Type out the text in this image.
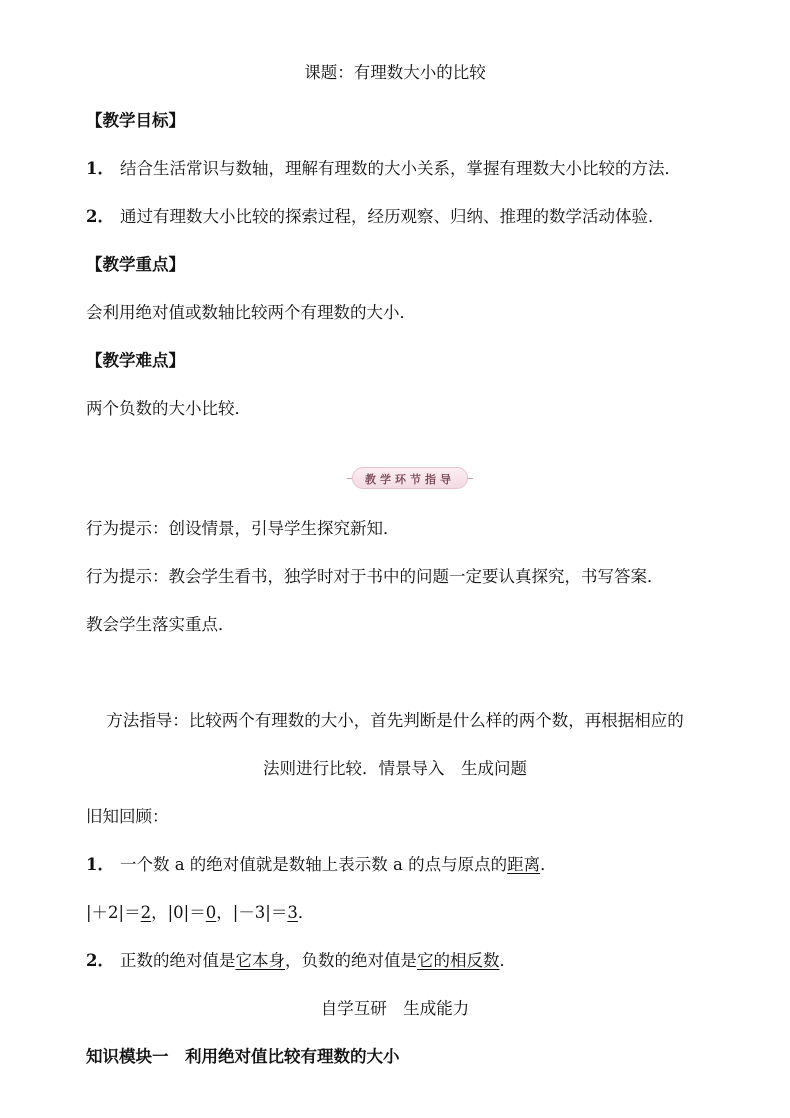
课题：有理数大小的比较
【教学目标】
1． 结合生活常识与数轴，理解有理数的大小关系，掌握有理数大小比较的方法．
2． 通过有理数大小比较的探索过程，经历观察、归纳、推理的数学活动体验．
【教学重点】
会利用绝对值或数轴比较两个有理数的大小．
【教学难点】
两个负数的大小比较．
教学环节指导
行为提示：创设情景，引导学生探究新知．
行为提示：教会学生看书，独学时对于书中的问题一定要认真探究，书写答案．
教会学生落实重点．
方法指导：比较两个有理数的大小，首先判断是什么样的两个数，再根据相应的
法则进行比较．情景导入　生成问题
旧知回顾：
1． 一个数 a 的绝对值就是数轴上表示数 a 的点与原点的距离．
|＋2|＝2，|0|＝0，|－3|＝3．
2． 正数的绝对值是它本身，负数的绝对值是它的相反数．
自学互研　生成能力
知识模块一　利用绝对值比较有理数的大小
